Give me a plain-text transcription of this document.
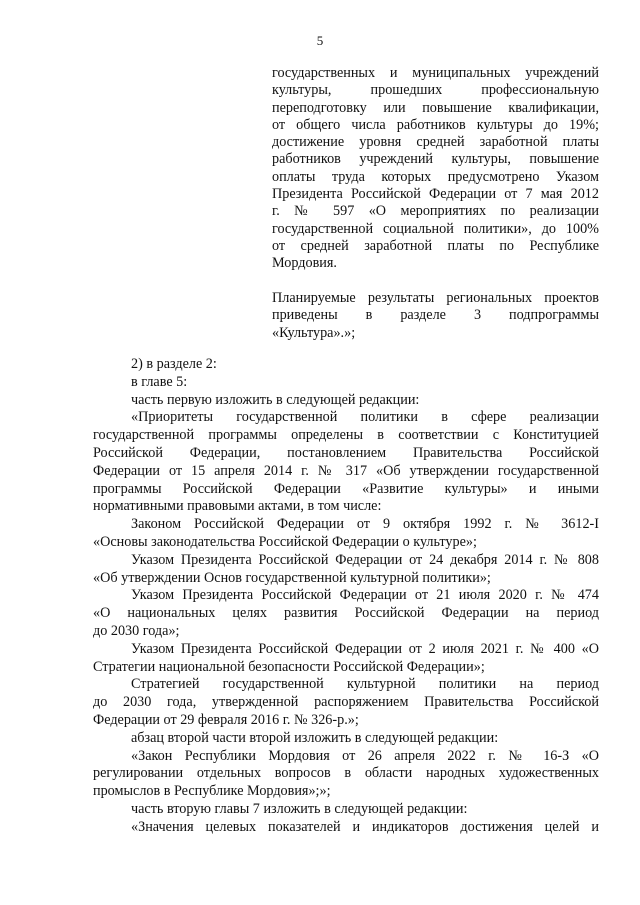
5
государственных и муниципальных учреждений
культуры, прошедших профессиональную
переподготовку или повышение квалификации,
от общего числа работников культуры до 19%;
достижение уровня средней заработной платы
работников учреждений культуры, повышение
оплаты труда которых предусмотрено Указом
Президента Российской Федерации от 7 мая 2012
г. № 597 «О мероприятиях по реализации
государственной социальной политики», до 100%
от средней заработной платы по Республике
Мордовия.
Планируемые результаты региональных проектов
приведены в разделе 3 подпрограммы
«Культура».»;
2) в разделе 2:
в главе 5:
часть первую изложить в следующей редакции:
«Приоритеты государственной политики в сфере реализации
государственной программы определены в соответствии с Конституцией
Российской Федерации, постановлением Правительства Российской
Федерации от 15 апреля 2014 г. № 317 «Об утверждении государственной
программы Российской Федерации «Развитие культуры» и иными
нормативными правовыми актами, в том числе:
Законом Российской Федерации от 9 октября 1992 г. № 3612-I
«Основы законодательства Российской Федерации о культуре»;
Указом Президента Российской Федерации от 24 декабря 2014 г. № 808
«Об утверждении Основ государственной культурной политики»;
Указом Президента Российской Федерации от 21 июля 2020 г. № 474
«О национальных целях развития Российской Федерации на период
до 2030 года»;
Указом Президента Российской Федерации от 2 июля 2021 г. № 400 «О
Стратегии национальной безопасности Российской Федерации»;
Стратегией государственной культурной политики на период
до 2030 года, утвержденной распоряжением Правительства Российской
Федерации от 29 февраля 2016 г. № 326-р.»;
абзац второй части второй изложить в следующей редакции:
«Закон Республики Мордовия от 26 апреля 2022 г. № 16-З «О
регулировании отдельных вопросов в области народных художественных
промыслов в Республике Мордовия»;»;
часть вторую главы 7 изложить в следующей редакции:
«Значения целевых показателей и индикаторов достижения целей и
